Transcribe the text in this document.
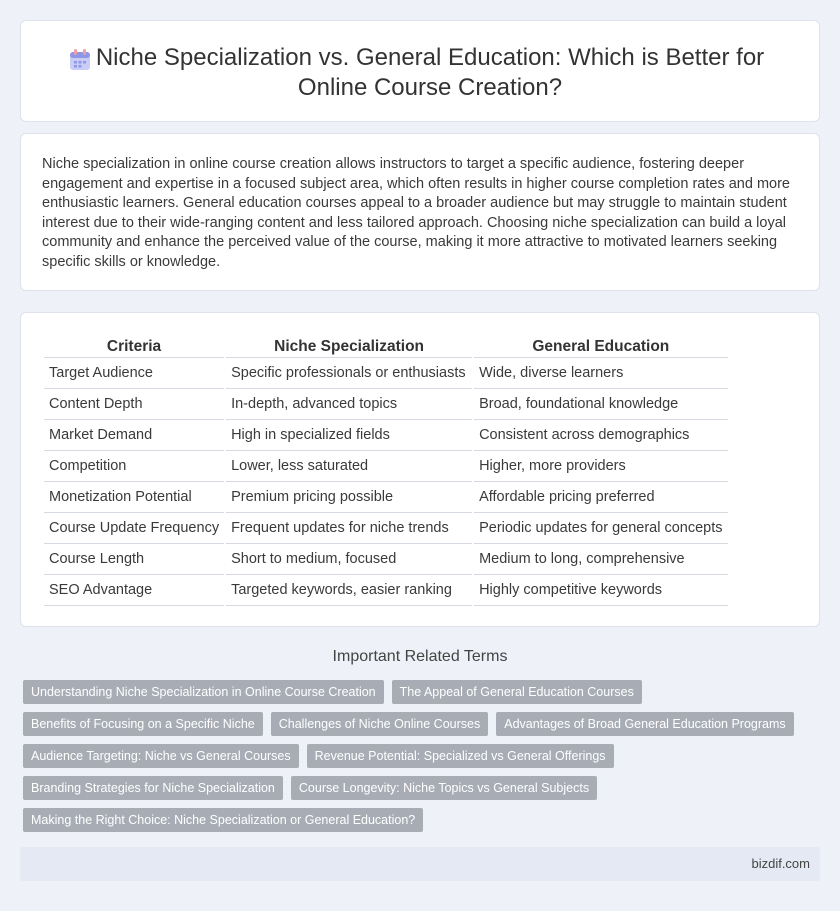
Niche Specialization vs. General Education: Which is Better for Online Course Creation?

Niche specialization in online course creation allows instructors to target a specific audience, fostering deeper engagement and expertise in a focused subject area, which often results in higher course completion rates and more enthusiastic learners. General education courses appeal to a broader audience but may struggle to maintain student interest due to their wide-ranging content and less tailored approach. Choosing niche specialization can build a loyal community and enhance the perceived value of the course, making it more attractive to motivated learners seeking specific skills or knowledge.

Criteria	Niche Specialization	General Education
Target Audience	Specific professionals or enthusiasts	Wide, diverse learners
Content Depth	In-depth, advanced topics	Broad, foundational knowledge
Market Demand	High in specialized fields	Consistent across demographics
Competition	Lower, less saturated	Higher, more providers
Monetization Potential	Premium pricing possible	Affordable pricing preferred
Course Update Frequency	Frequent updates for niche trends	Periodic updates for general concepts
Course Length	Short to medium, focused	Medium to long, comprehensive
SEO Advantage	Targeted keywords, easier ranking	Highly competitive keywords
Important Related Terms
Understanding Niche Specialization in Online Course Creation	The Appeal of General Education Courses
Benefits of Focusing on a Specific Niche	Challenges of Niche Online Courses	Advantages of Broad General Education Programs
Audience Targeting: Niche vs General Courses	Revenue Potential: Specialized vs General Offerings
Branding Strategies for Niche Specialization	Course Longevity: Niche Topics vs General Subjects
Making the Right Choice: Niche Specialization or General Education?
bizdif.com
